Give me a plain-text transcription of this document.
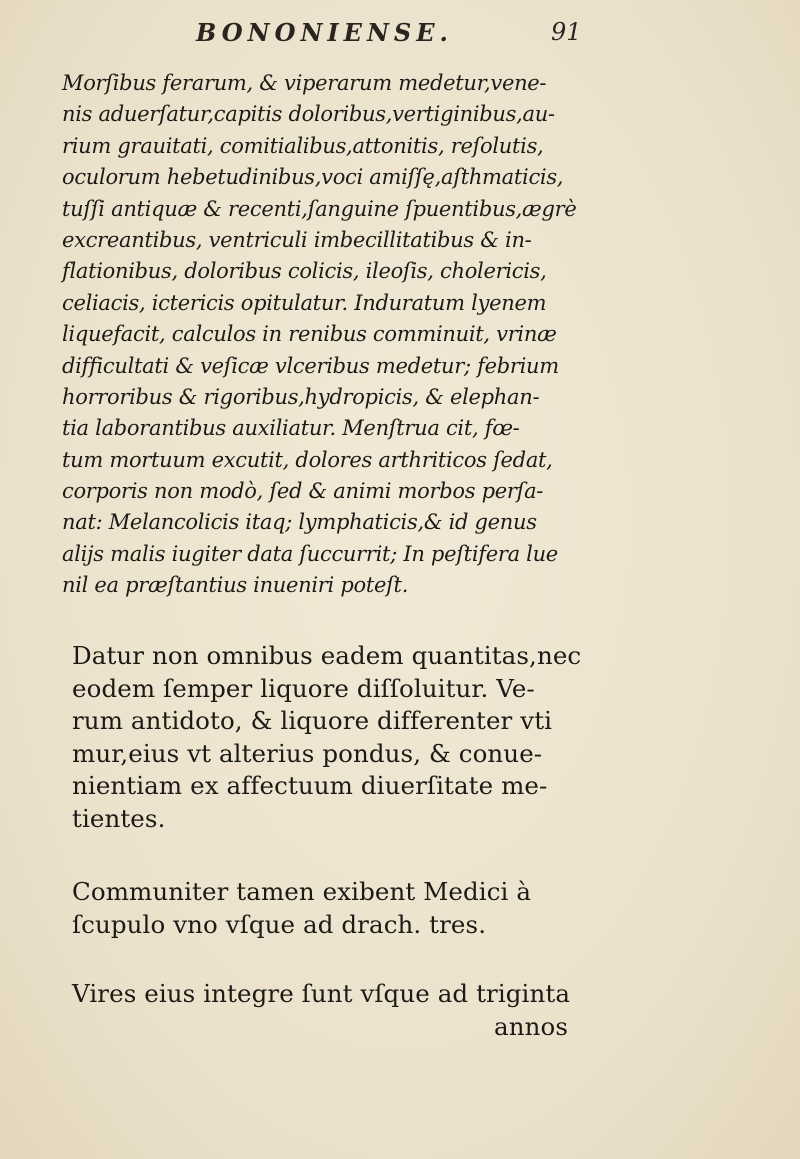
BONONIENSE.	91
Morſibus ferarum, & viperarum medetur,vene-
nis aduerſatur,capitis doloribus,vertiginibus,au-
rium grauitati, comitialibus,attonitis, reſolutis,
oculorum hebetudinibus,voci amiſſę,aſthmaticis,
tuſſi antiquæ & recenti,ſanguine ſpuentibus,ægrè
excreantibus, ventriculi imbecillitatibus & in-
flationibus, doloribus colicis, ileoſis, cholericis,
celiacis, ictericis opitulatur. Induratum lyenem
liquefacit, calculos in renibus comminuit, vrinæ
difficultati & veſicæ vlceribus medetur; febrium
horroribus & rigoribus,hydropicis, & elephan-
tia laborantibus auxiliatur. Menſtrua cit, fœ-
tum mortuum excutit, dolores arthriticos ſedat,
corporis non modò, ſed & animi morbos perſa-
nat: Melancolicis itaq; lymphaticis,& id genus
alijs malis iugiter data ſuccurrit; In peſtifera lue
nil ea præſtantius inueniri poteſt.
Datur non omnibus eadem quantitas,nec
eodem ſemper liquore diſſoluitur. Ve-
rum antidoto, & liquore differenter vti
mur,eius vt alterius pondus, & conue-
nientiam ex affectuum diuerſitate me-
tientes.
Communiter tamen exibent Medici à
ſcupulo vno vſque ad drach. tres.
Vires eius integre ſunt vſque ad triginta
annos
